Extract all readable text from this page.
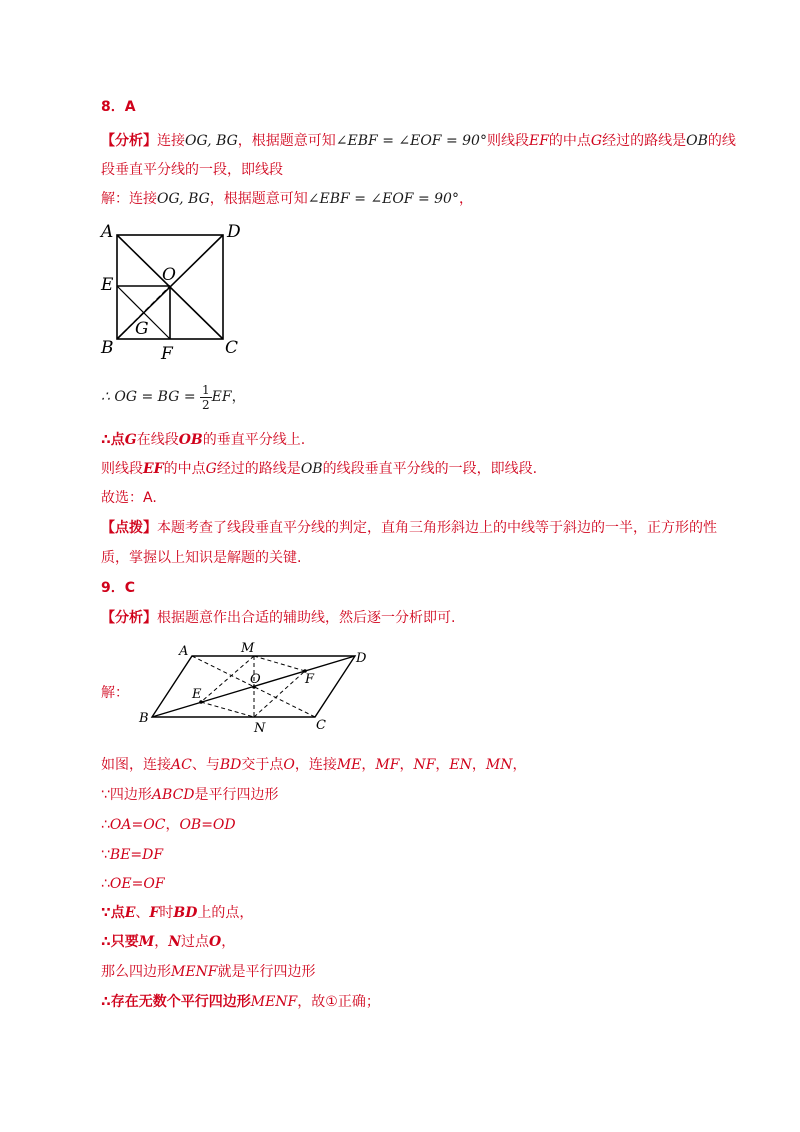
8．A
【分析】连接OG, BG，根据题意可知∠EBF = ∠EOF = 90°则线段EF的中点G经过的路线是OB的线
段垂直平分线的一段，即线段
解：连接OG, BG，根据题意可知∠EBF = ∠EOF = 90°，
A	D
E	O
G
B	F	C
∴ OG = BG = $\frac{1}{2}$ EF，
∴点G在线段OB的垂直平分线上.
则线段EF的中点G经过的路线是OB的线段垂直平分线的一段，即线段.
故选：A.
【点拨】本题考查了线段垂直平分线的判定，直角三角形斜边上的中线等于斜边的一半，正方形的性
质，掌握以上知识是解题的关键.
9．C
【分析】根据题意作出合适的辅助线，然后逐一分析即可.
解：
A	M
D
O	F
E
B
N	C
如图，连接AC、与BD交于点O，连接ME，MF，NF，EN，MN，
∵四边形ABCD是平行四边形
∴OA=OC，OB=OD
∵BE=DF
∴OE=OF
∵点E、F时BD上的点，
∴只要M，N过点O，
那么四边形MENF就是平行四边形
∴存在无数个平行四边形MENF，故①正确；
